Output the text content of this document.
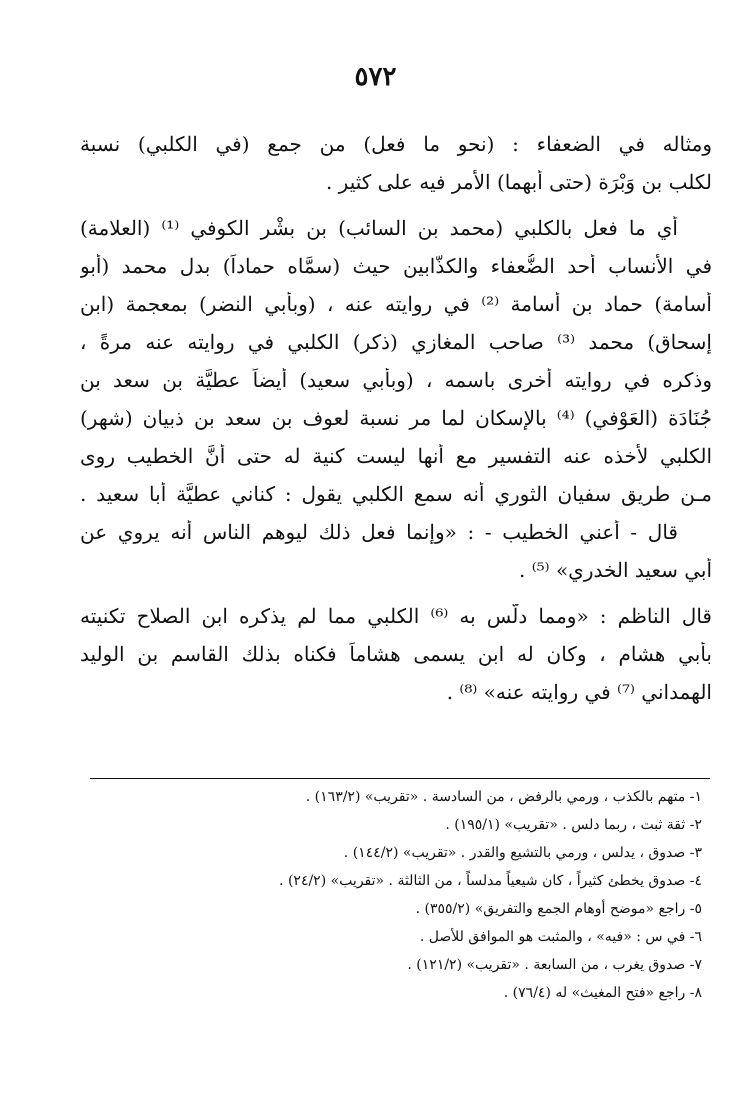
٥٧٢
ومثاله في الضعفاء : (نحو ما فعل) من جمع (في الكلبي) نسبة
لكلب بن وَبْرَة (حتى أبهما) الأمر فيه على كثير .
أي ما فعل بالكلبي (محمد بن السائب) بن بشْر الكوفي ⁽¹⁾ (العلامة)
في الأنساب أحد الضُّعفاء والكذّابين حيث (سمَّاه حماداً) بدل محمد (أبو
أسامة) حماد بن أسامة ⁽²⁾ في روايته عنه ، (وبأبي النضر) بمعجمة (ابن
إسحاق) محمد ⁽³⁾ صاحب المغازي (ذكر) الكلبي في روايته عنه مرةً ،
وذكره في روايته أخرى باسمه ، (وبأبي سعيد) أيضاً عطيَّة بن سعد بن
جُنَادَة (العَوْفي) ⁽⁴⁾ بالإسكان لما مر نسبة لعوف بن سعد بن ذبيان (شهر)
الكلبي لأخذه عنه التفسير مع أنها ليست كنية له حتى أنَّ الخطيب روى
مـن طريق سفيان الثوري أنه سمع الكلبي يقول : كناني عطيَّة أبا سعيد .
قال - أعني الخطيب - : «وإنما فعل ذلك ليوهم الناس أنه يروي عن
أبي سعيد الخدري» ⁽⁵⁾ .
قال الناظم : «ومما دلَّس به ⁽⁶⁾ الكلبي مما لم يذكره ابن الصلاح تكنيته
بأبي هشام ، وكان له ابن يسمى هشاماً فكناه بذلك القاسم بن الوليد
الهمداني ⁽⁷⁾ في روايته عنه» ⁽⁸⁾ .
١- متهم بالكذب ، ورمي بالرفض ، من السادسة . «تقريب» (١٦٣/٢) .
٢- ثقة ثبت ، ربما دلس . «تقريب» (١٩٥/١) .
٣- صدوق ، يدلس ، ورمي بالتشيع والقدر . «تقريب» (١٤٤/٢) .
٤- صدوق يخطئ كثيراً ، كان شيعياً مدلساً ، من الثالثة . «تقريب» (٢٤/٢) .
٥- راجع «موضح أوهام الجمع والتفريق» (٣٥٥/٢) .
٦- في س : «فيه» ، والمثبت هو الموافق للأصل .
٧- صدوق يغرب ، من السابعة . «تقريب» (١٢١/٢) .
٨- راجع «فتح المغيث» له (٧٦/٤) .
